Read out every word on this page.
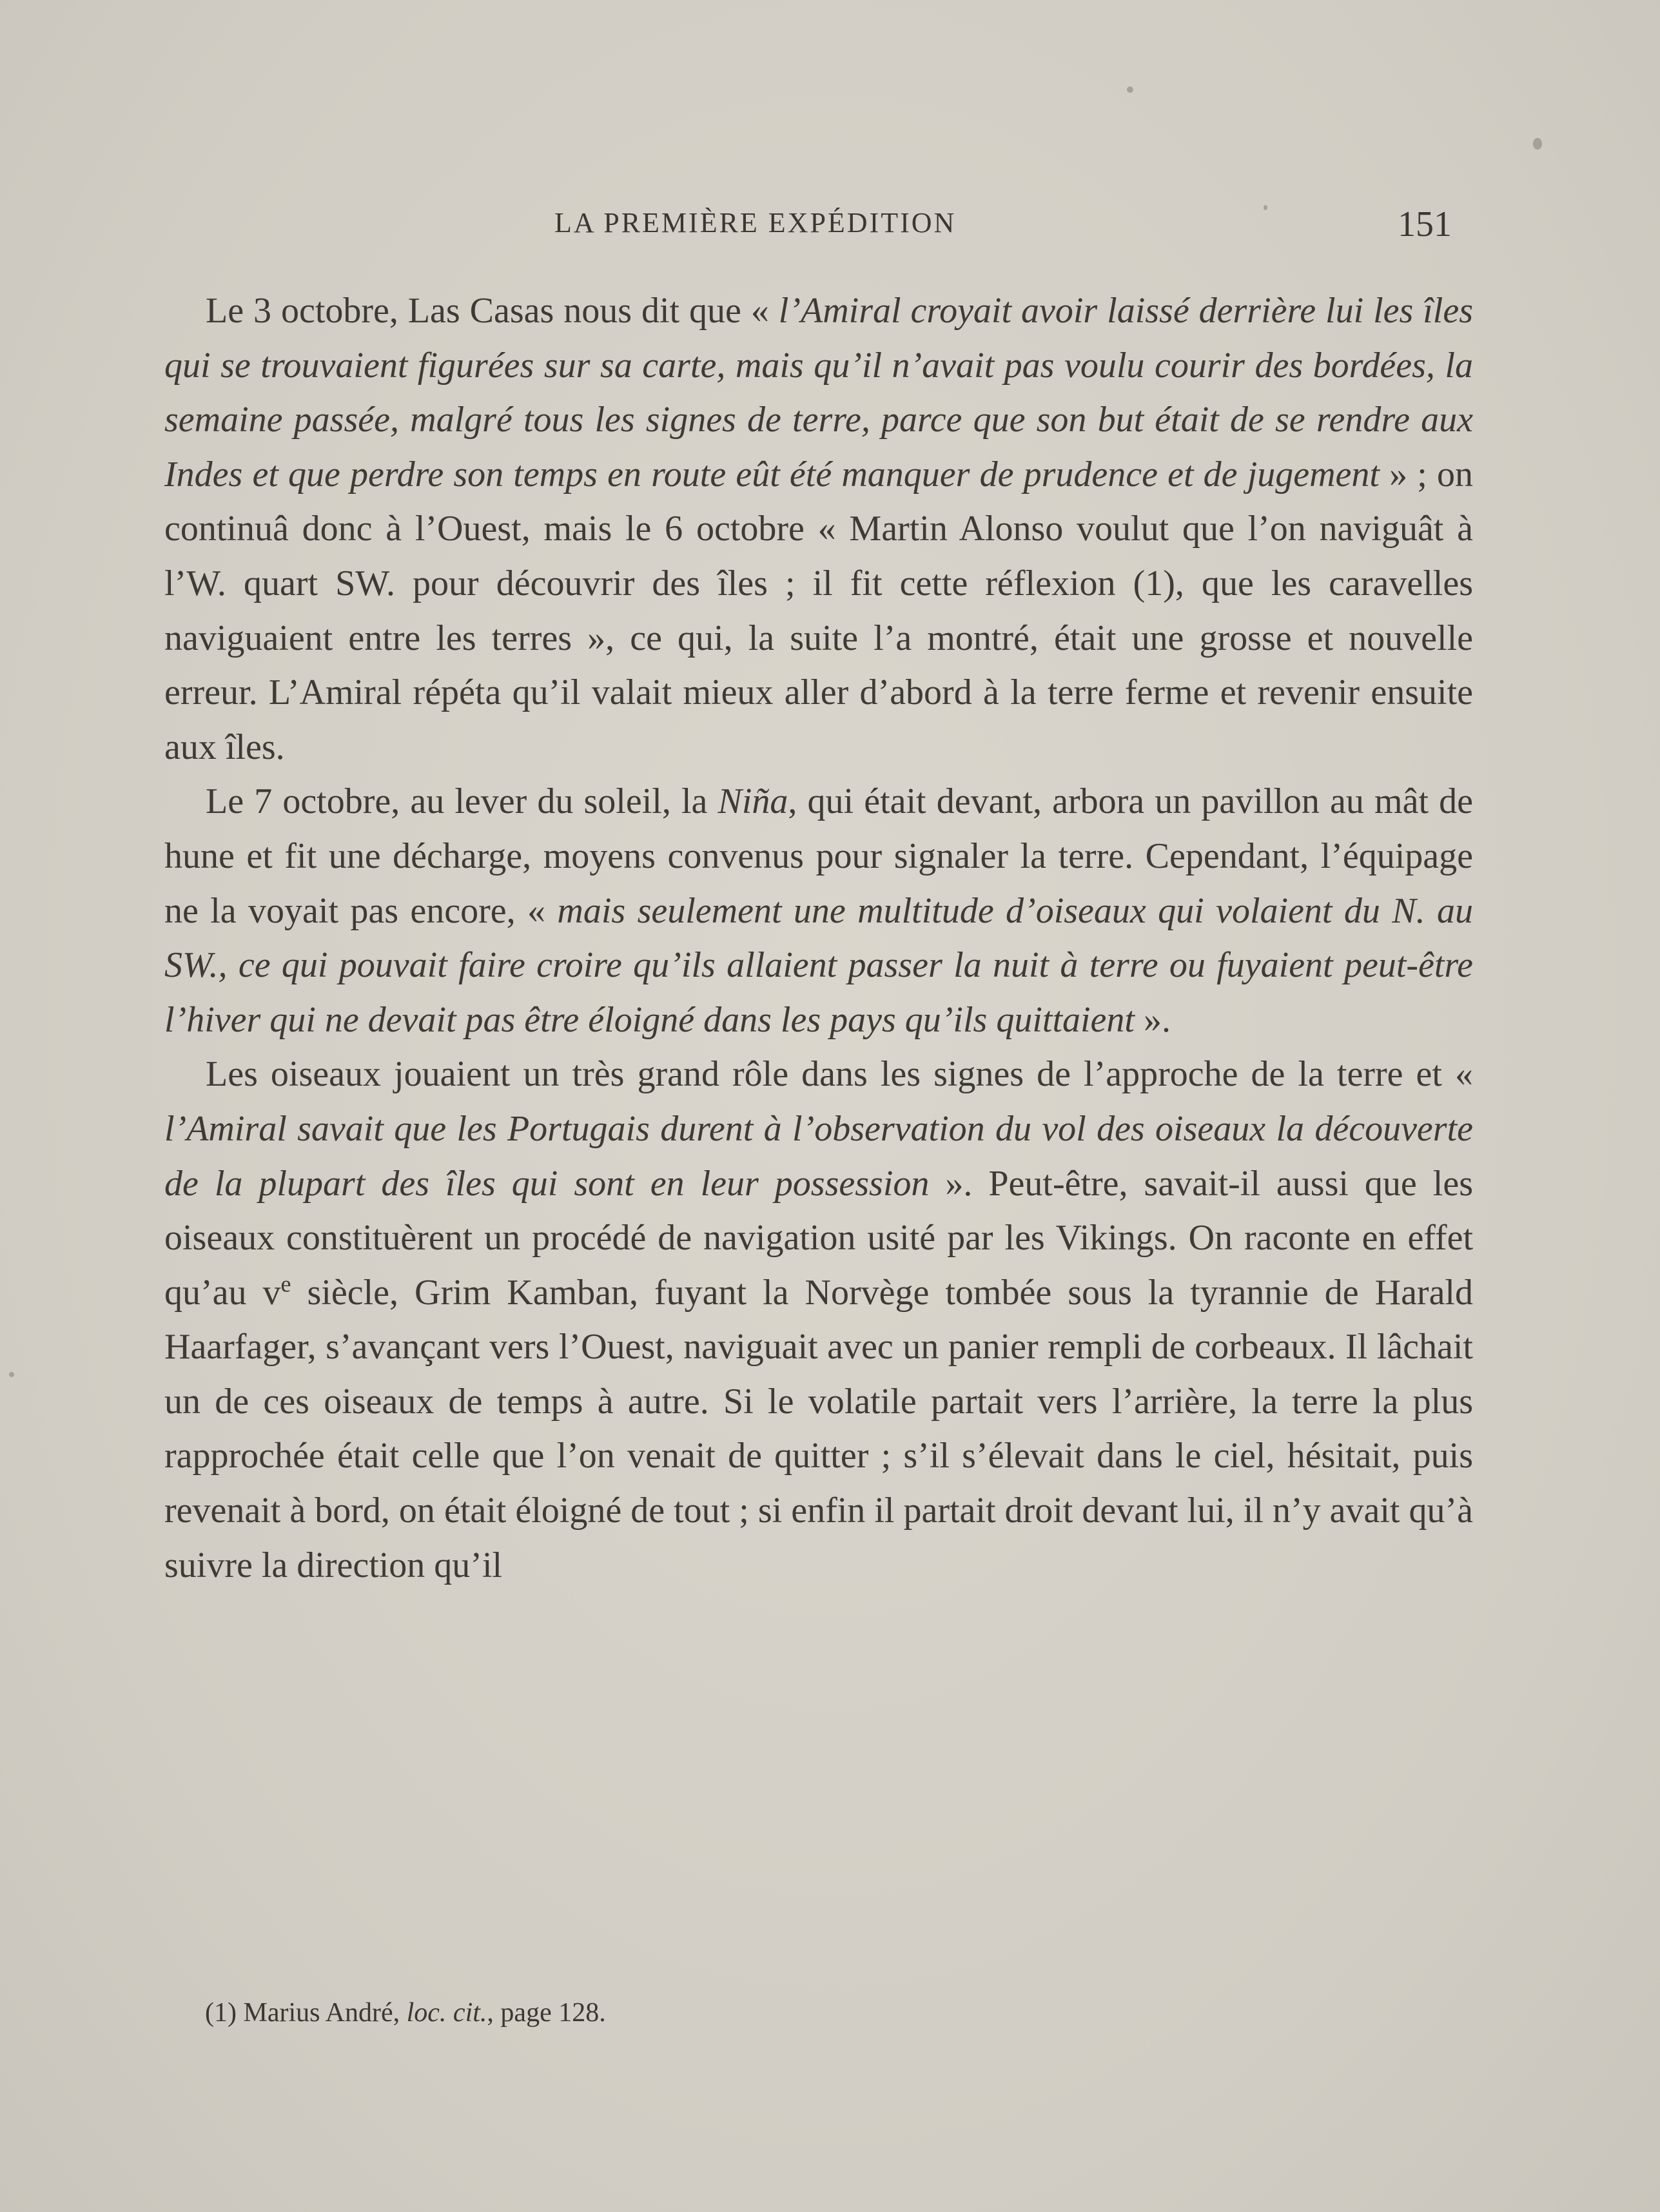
LA PREMIÈRE EXPÉDITION	151

Le 3 octobre, Las Casas nous dit que « l’Amiral croyait avoir laissé derrière lui les îles qui se trouvaient figurées sur sa carte, mais qu’il n’avait pas voulu courir des bordées, la semaine passée, malgré tous les signes de terre, parce que son but était de se rendre aux Indes et que perdre son temps en route eût été manquer de prudence et de jugement » ; on continuâ donc à l’Ouest, mais le 6 octobre « Martin Alonso voulut que l’on naviguât à l’W. quart SW. pour découvrir des îles ; il fit cette réflexion (1), que les caravelles naviguaient entre les terres », ce qui, la suite l’a montré, était une grosse et nouvelle erreur. L’Amiral répéta qu’il valait mieux aller d’abord à la terre ferme et revenir ensuite aux îles.

Le 7 octobre, au lever du soleil, la Niña, qui était devant, arbora un pavillon au mât de hune et fit une décharge, moyens convenus pour signaler la terre. Cependant, l’équipage ne la voyait pas encore, « mais seulement une multitude d’oiseaux qui volaient du N. au SW., ce qui pouvait faire croire qu’ils allaient passer la nuit à terre ou fuyaient peut-être l’hiver qui ne devait pas être éloigné dans les pays qu’ils quittaient ».

Les oiseaux jouaient un très grand rôle dans les signes de l’approche de la terre et « l’Amiral savait que les Portugais durent à l’observation du vol des oiseaux la découverte de la plupart des îles qui sont en leur possession ». Peut-être, savait-il aussi que les oiseaux constituèrent un procédé de navigation usité par les Vikings. On raconte en effet qu’au $v^e$ siècle, Grim Kamban, fuyant la Norvège tombée sous la tyrannie de Harald Haarfager, s’avançant vers l’Ouest, naviguait avec un panier rempli de corbeaux. Il lâchait un de ces oiseaux de temps à autre. Si le volatile partait vers l’arrière, la terre la plus rapprochée était celle que l’on venait de quitter ; s’il s’élevait dans le ciel, hésitait, puis revenait à bord, on était éloigné de tout ; si enfin il partait droit devant lui, il n’y avait qu’à suivre la direction qu’il

(1) Marius André, loc. cit., page 128.
